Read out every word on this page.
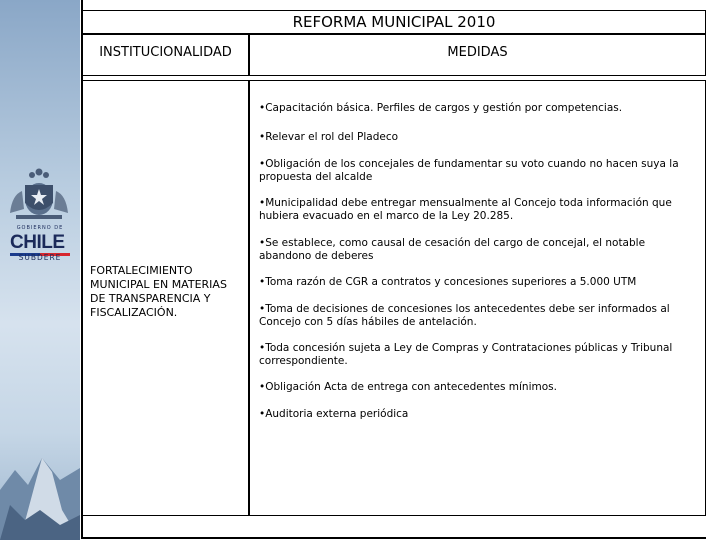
GOBIERNO DE
CHILE
SUBDERE
REFORMA MUNICIPAL 2010
INSTITUCIONALIDAD	MEDIDAS
FORTALECIMIENTO MUNICIPAL EN MATERIAS DE TRANSPARENCIA Y FISCALIZACIÓN.
•Capacitación básica. Perfiles de cargos y gestión por competencias.
•Relevar el rol del Pladeco
•Obligación de los concejales de fundamentar su voto cuando no hacen suya la propuesta del alcalde
•Municipalidad debe entregar mensualmente al Concejo toda información que hubiera evacuado en el marco de la Ley 20.285.
•Se establece, como causal de cesación del cargo de concejal, el notable abandono de deberes
•Toma razón de CGR a contratos y concesiones superiores a 5.000 UTM
•Toma de decisiones de concesiones los antecedentes debe ser informados al Concejo con 5 días hábiles de antelación.
•Toda concesión sujeta a Ley de Compras y Contrataciones públicas y Tribunal correspondiente.
•Obligación Acta de entrega con antecedentes mínimos.
•Auditoria externa periódica
